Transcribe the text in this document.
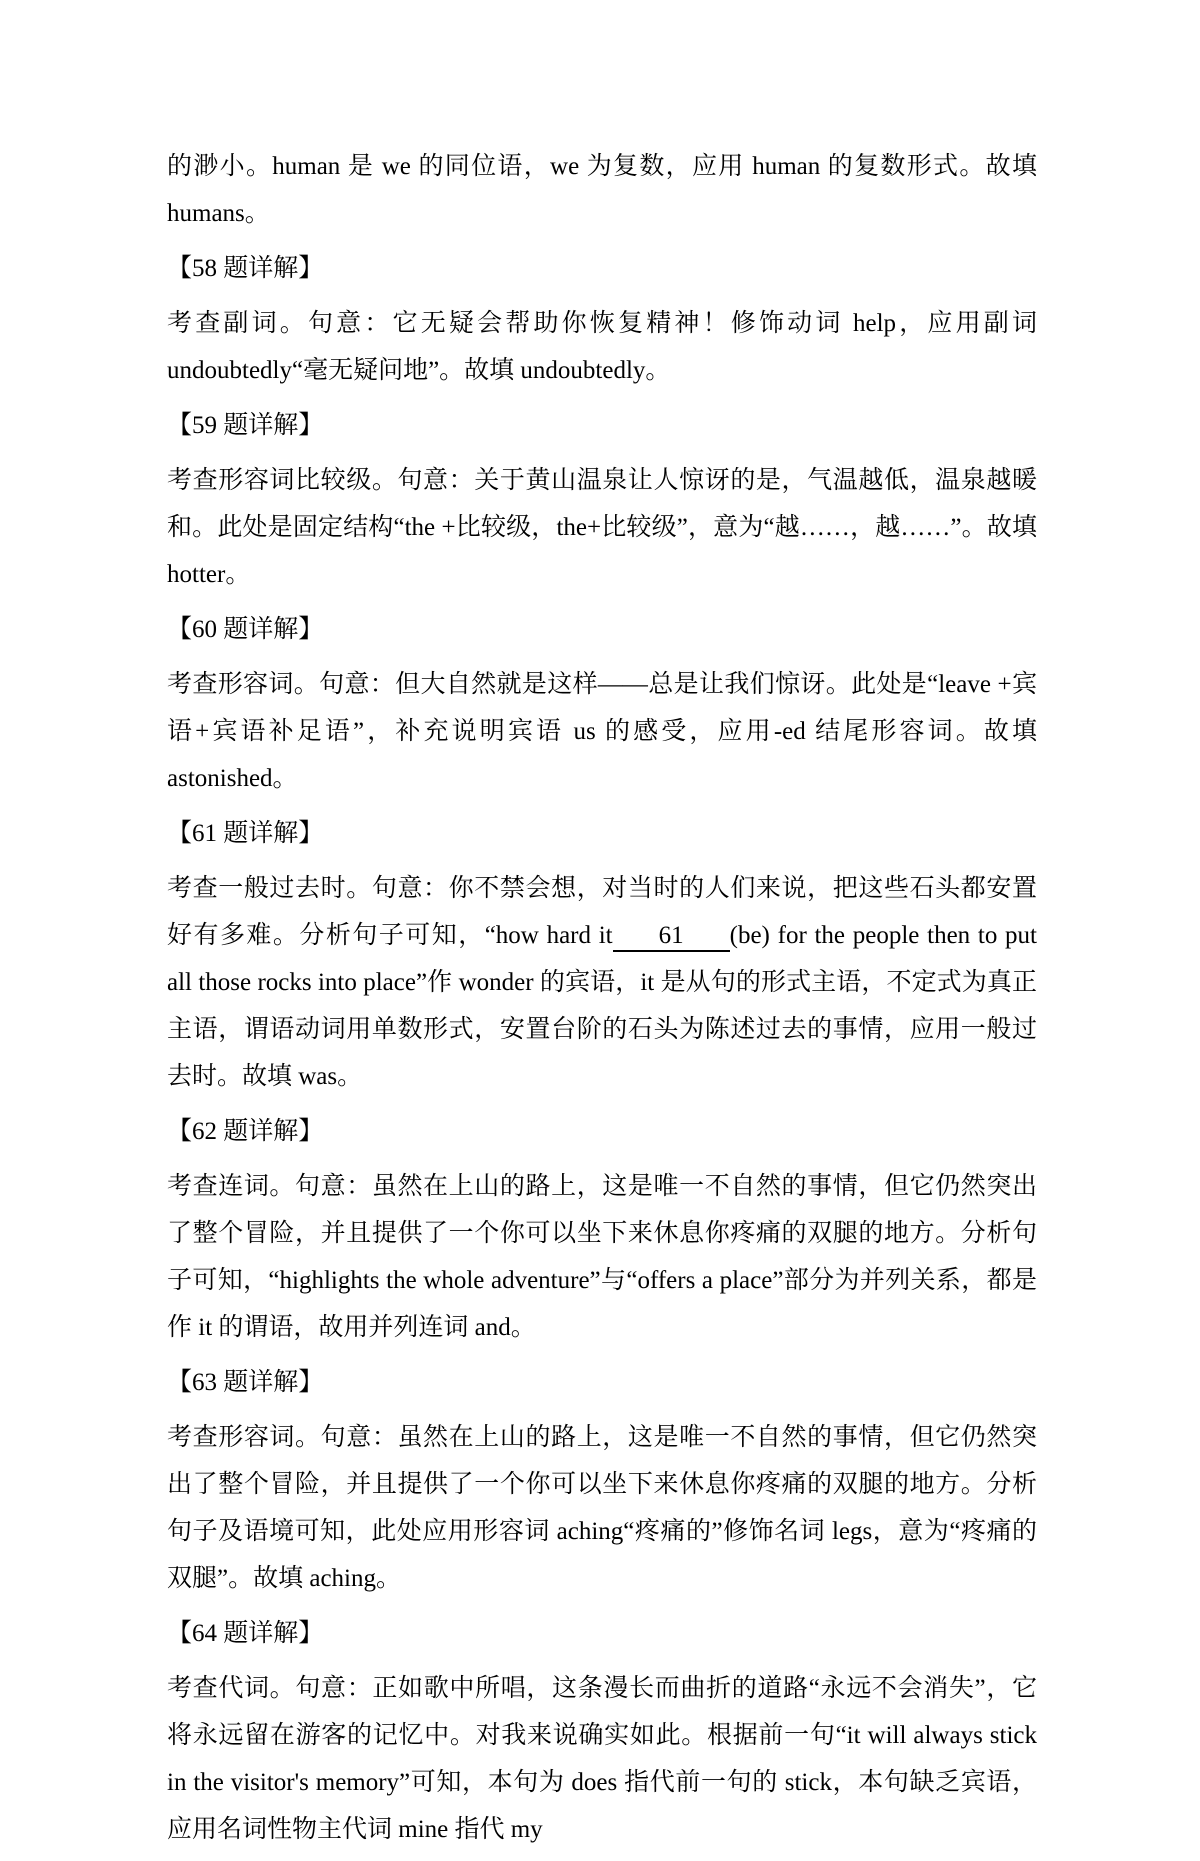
的渺小。human 是 we 的同位语，we 为复数，应用 human 的复数形式。故填 humans。

【58 题详解】

考查副词。句意：它无疑会帮助你恢复精神！修饰动词 help，应用副词 undoubtedly“毫无疑问地”。故填 undoubtedly。

【59 题详解】

考查形容词比较级。句意：关于黄山温泉让人惊讶的是，气温越低，温泉越暖和。此处是固定结构“the +比较级，the+比较级”，意为“越……，越……”。故填 hotter。

【60 题详解】

考查形容词。句意：但大自然就是这样——总是让我们惊讶。此处是“leave +宾语+宾语补足语”，补充说明宾语 us 的感受，应用-ed 结尾形容词。故填 astonished。

【61 题详解】

考查一般过去时。句意：你不禁会想，对当时的人们来说，把这些石头都安置好有多难。分析句子可知，“how hard it 61 (be) for the people then to put all those rocks into place”作 wonder 的宾语，it 是从句的形式主语，不定式为真正主语，谓语动词用单数形式，安置台阶的石头为陈述过去的事情，应用一般过去时。故填 was。

【62 题详解】

考查连词。句意：虽然在上山的路上，这是唯一不自然的事情，但它仍然突出了整个冒险，并且提供了一个你可以坐下来休息你疼痛的双腿的地方。分析句子可知，“highlights the whole adventure”与“offers a place”部分为并列关系，都是作 it 的谓语，故用并列连词 and。

【63 题详解】

考查形容词。句意：虽然在上山的路上，这是唯一不自然的事情，但它仍然突出了整个冒险，并且提供了一个你可以坐下来休息你疼痛的双腿的地方。分析句子及语境可知，此处应用形容词 aching“疼痛的”修饰名词 legs，意为“疼痛的双腿”。故填 aching。

【64 题详解】

考查代词。句意：正如歌中所唱，这条漫长而曲折的道路“永远不会消失”，它将永远留在游客的记忆中。对我来说确实如此。根据前一句“it will always stick in the visitor's memory”可知，本句为 does 指代前一句的 stick，本句缺乏宾语，应用名词性物主代词 mine 指代 my
